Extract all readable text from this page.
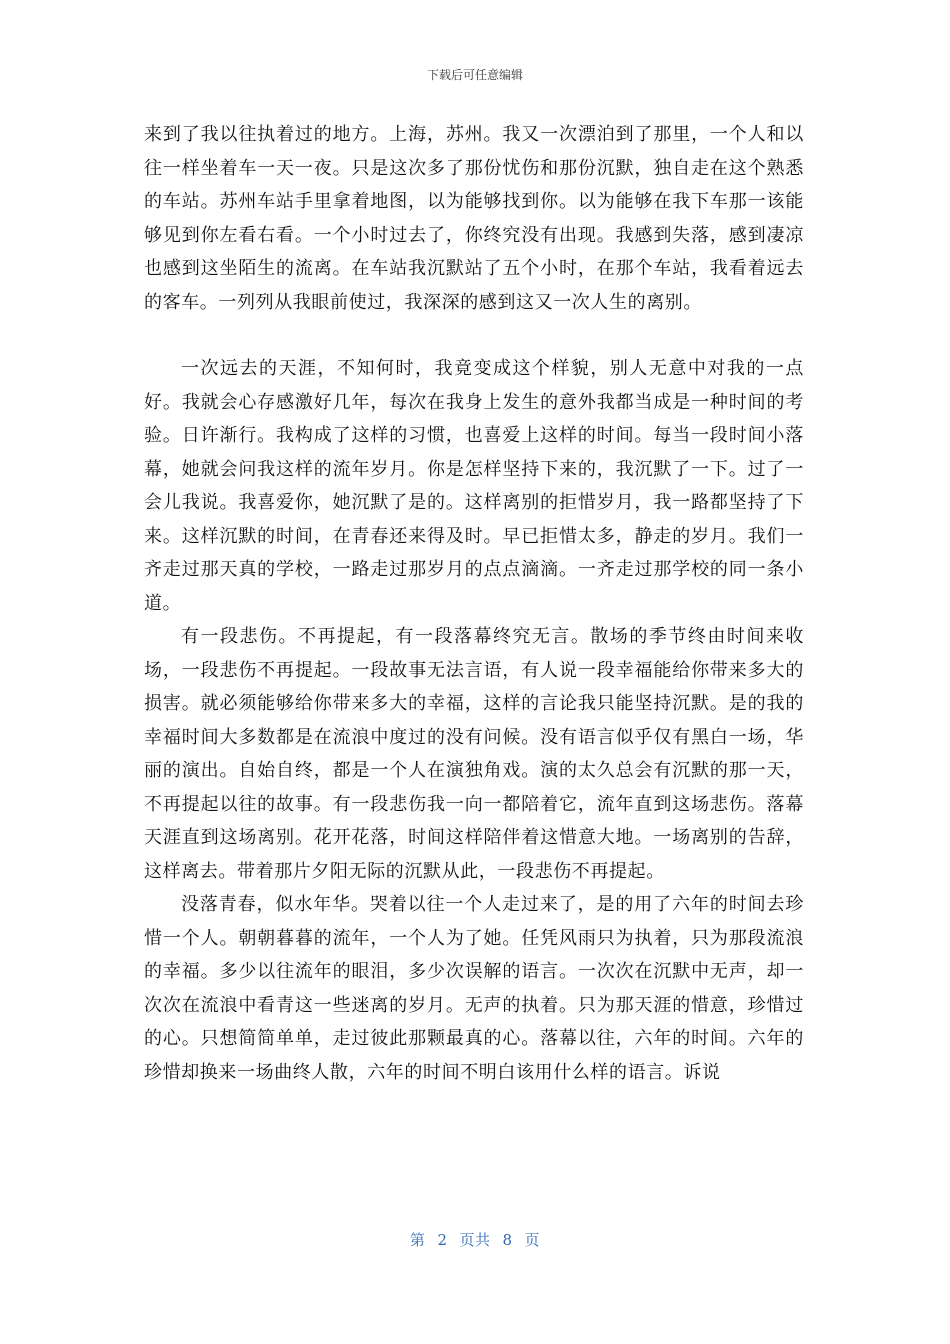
下载后可任意编辑

来到了我以往执着过的地方。上海，苏州。我又一次漂泊到了那里，一个人和以往一样坐着车一天一夜。只是这次多了那份忧伤和那份沉默，独自走在这个熟悉的车站。苏州车站手里拿着地图，以为能够找到你。以为能够在我下车那一该能够见到你左看右看。一个小时过去了，你终究没有出现。我感到失落，感到凄凉也感到这坐陌生的流离。在车站我沉默站了五个小时，在那个车站，我看着远去的客车。一列列从我眼前使过，我深深的感到这又一次人生的离别。

一次远去的天涯，不知何时，我竟变成这个样貌，别人无意中对我的一点好。我就会心存感激好几年，每次在我身上发生的意外我都当成是一种时间的考验。日许渐行。我构成了这样的习惯，也喜爱上这样的时间。每当一段时间小落幕，她就会问我这样的流年岁月。你是怎样坚持下来的，我沉默了一下。过了一会儿我说。我喜爱你，她沉默了是的。这样离别的拒惜岁月，我一路都坚持了下来。这样沉默的时间，在青春还来得及时。早已拒惜太多，静走的岁月。我们一齐走过那天真的学校，一路走过那岁月的点点滴滴。一齐走过那学校的同一条小道。

有一段悲伤。不再提起，有一段落幕终究无言。散场的季节终由时间来收场，一段悲伤不再提起。一段故事无法言语，有人说一段幸福能给你带来多大的损害。就必须能够给你带来多大的幸福，这样的言论我只能坚持沉默。是的我的幸福时间大多数都是在流浪中度过的没有问候。没有语言似乎仅有黑白一场，华丽的演出。自始自终，都是一个人在演独角戏。演的太久总会有沉默的那一天，不再提起以往的故事。有一段悲伤我一向一都陪着它，流年直到这场悲伤。落幕天涯直到这场离别。花开花落，时间这样陪伴着这惜意大地。一场离别的告辞，这样离去。带着那片夕阳无际的沉默从此，一段悲伤不再提起。

没落青春，似水年华。哭着以往一个人走过来了，是的用了六年的时间去珍惜一个人。朝朝暮暮的流年，一个人为了她。任凭风雨只为执着，只为那段流浪的幸福。多少以往流年的眼泪，多少次误解的语言。一次次在沉默中无声，却一次次在流浪中看青这一些迷离的岁月。无声的执着。只为那天涯的惜意，珍惜过的心。只想简简单单，走过彼此那颗最真的心。落幕以往，六年的时间。六年的珍惜却换来一场曲终人散，六年的时间不明白该用什么样的语言。诉说

第 2 页共 8 页
